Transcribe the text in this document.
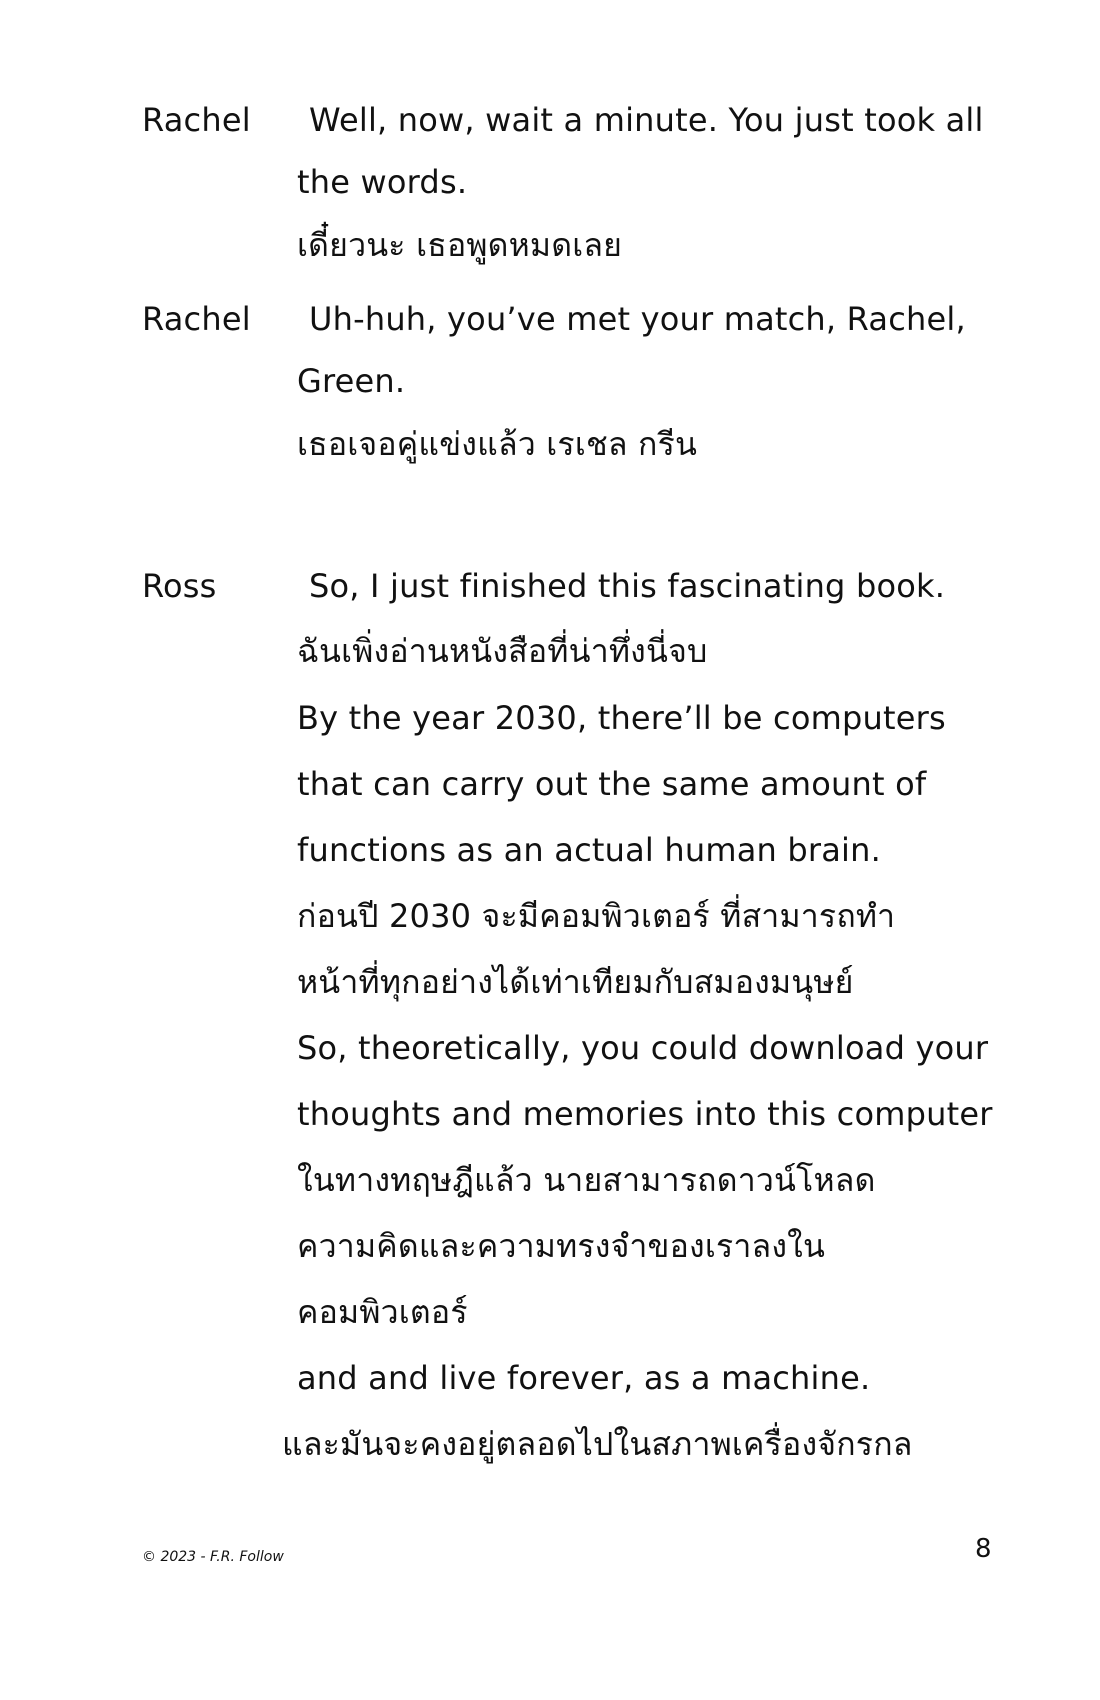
Rachel Well, now, wait a minute. You just took all
the words.
เดี๋ยวนะ เธอพูดหมดเลย
Rachel Uh-huh, you’ve met your match, Rachel,
Green.
เธอเจอคู่แข่งแล้ว เรเชล กรีน
Ross	So, I just finished this fascinating book.
ฉันเพิ่งอ่านหนังสือที่น่าทึ่งนี่จบ
By the year 2030, there’ll be computers
that can carry out the same amount of
functions as an actual human brain.
ก่อนปี 2030 จะมีคอมพิวเตอร์ ที่สามารถทำ
หน้าที่ทุกอย่างได้เท่าเทียมกับสมองมนุษย์
So, theoretically, you could download your
thoughts and memories into this computer
ในทางทฤษฎีแล้ว นายสามารถดาวน์โหลด
ความคิดและความทรงจำของเราลงใน
คอมพิวเตอร์
and and live forever, as a machine.
และมันจะคงอยู่ตลอดไปในสภาพเครื่องจักรกล
© 2023 - F.R. Follow	8
